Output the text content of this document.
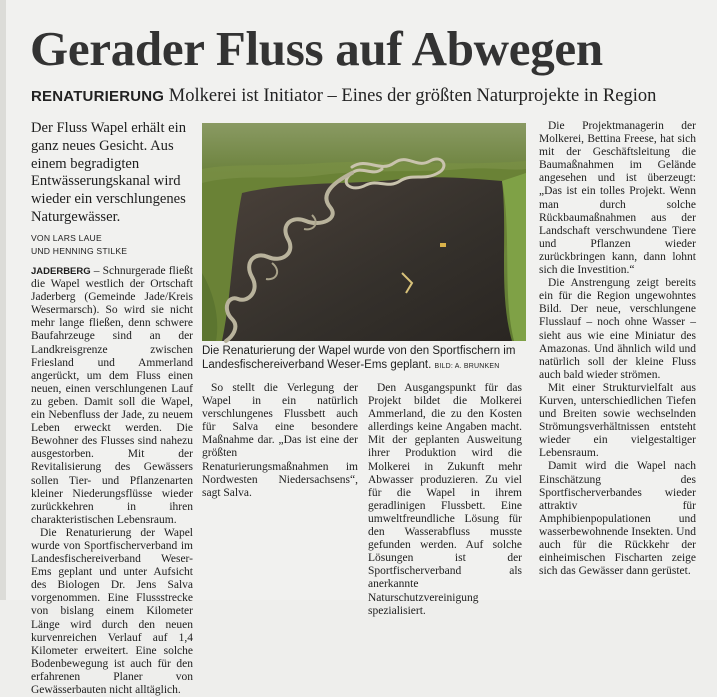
Gerader Fluss auf Abwegen
RENATURIERUNG Molkerei ist Initiator – Eines der größten Naturprojekte in Region

Der Fluss Wapel erhält ein ganz neues Gesicht. Aus einem begradigten Entwässerungskanal wird wieder ein verschlungenes Naturgewässer.

VON LARS LAUE
UND HENNING STILKE

Die Renaturierung der Wapel wurde von den Sportfischern im Landesfischereiverband Weser-Ems geplant. BILD: A. BRUNKEN

JADERBERG – Schnurgerade fließt die Wapel westlich der Ortschaft Jaderberg (Gemeinde Jade/Kreis Wesermarsch). So wird sie nicht mehr lange fließen, denn schwere Baufahrzeuge sind an der Landkreisgrenze zwischen Friesland und Ammerland angerückt, um dem Fluss einen neuen, einen verschlungenen Lauf zu geben. Damit soll die Wapel, ein Nebenfluss der Jade, zu neuem Leben erweckt werden. Die Bewohner des Flusses sind nahezu ausgestorben. Mit der Revitalisierung des Gewässers sollen Tier- und Pflanzenarten kleiner Niederungsflüsse wieder zurückkehren in ihren charakteristischen Lebensraum.

Die Renaturierung der Wapel wurde von Sportfischerverband im Landesfischereiverband Weser-Ems geplant und unter Aufsicht des Biologen Dr. Jens Salva vorgenommen. Eine Flussstrecke von bislang einem Kilometer Länge wird durch den neuen kurvenreichen Verlauf auf 1,4 Kilometer erweitert. Eine solche Bodenbewegung ist auch für den erfahrenen Planer von Gewässerbauten nicht alltäglich.

So stellt die Verlegung der Wapel in ein natürlich verschlungenes Flussbett auch für Salva eine besondere Maßnahme dar. „Das ist eine der größten Renaturierungsmaßnahmen im Nordwesten Niedersachsens“, sagt Salva.

Den Ausgangspunkt für das Projekt bildet die Molkerei Ammerland, die zu den Kosten allerdings keine Angaben macht. Mit der geplanten Ausweitung ihrer Produktion wird die Molkerei in Zukunft mehr Abwasser produzieren. Zu viel für die Wapel in ihrem geradlinigen Flussbett. Eine umweltfreundliche Lösung für den Wasserabfluss musste gefunden werden. Auf solche Lösungen ist der Sportfischerverband als anerkannte Naturschutzvereinigung spezialisiert.

Die Projektmanagerin der Molkerei, Bettina Freese, hat sich mit der Geschäftsleitung die Baumaßnahmen im Gelände angesehen und ist überzeugt: „Das ist ein tolles Projekt. Wenn man durch solche Rückbaumaßnahmen aus der Landschaft verschwundene Tiere und Pflanzen wieder zurückbringen kann, dann lohnt sich die Investition.“

Die Anstrengung zeigt bereits ein für die Region ungewohntes Bild. Der neue, verschlungene Flusslauf – noch ohne Wasser – sieht aus wie eine Miniatur des Amazonas. Und ähnlich wild und natürlich soll der kleine Fluss auch bald wieder strömen.

Mit einer Strukturvielfalt aus Kurven, unterschiedlichen Tiefen und Breiten sowie wechselnden Strömungsverhältnissen entsteht wieder ein vielgestaltiger Lebensraum.

Damit wird die Wapel nach Einschätzung des Sportfischerverbandes wieder attraktiv für Amphibienpopulationen und wasserbewohnende Insekten. Und auch für die Rückkehr der einheimischen Fischarten zeige sich das Gewässer dann gerüstet.
